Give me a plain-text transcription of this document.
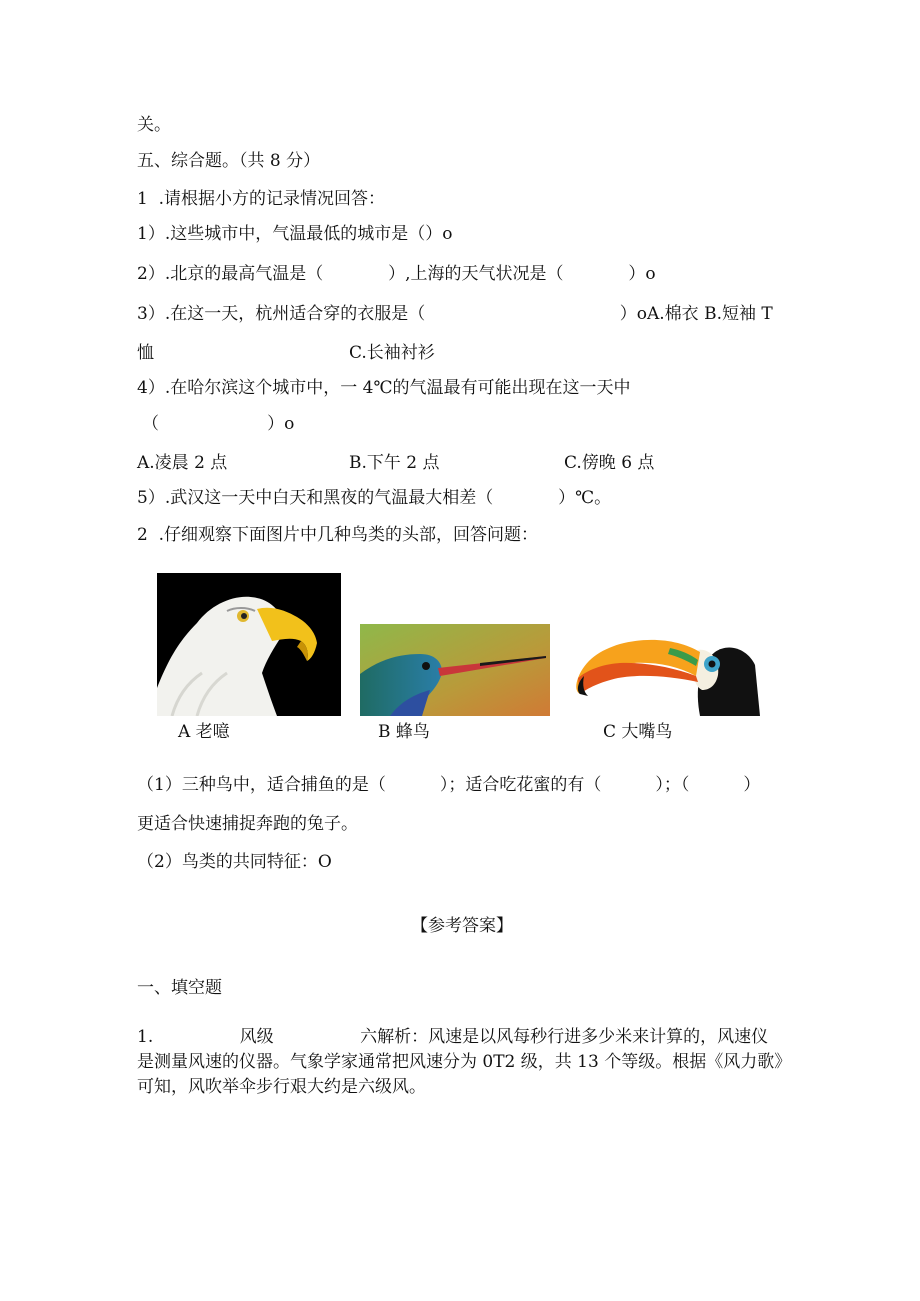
关。
五、综合题。（共 8 分）
1  .请根据小方的记录情况回答：
1）.这些城市中，气温最低的城市是（）o
2）.北京的最高气温是（            ）,上海的天气状况是（            ）o
3）.在这一天，杭州适合穿的衣服是（                                    ）oA.棉衣 B.短袖 T
恤	C.长袖衬衫
4）.在哈尔滨这个城市中，一 4℃的气温最有可能出现在这一天中
（                    ）o
A.凌晨 2 点	B.下午 2 点	C.傍晚 6 点
5）.武汉这一天中白天和黑夜的气温最大相差（            ）℃。
2  .仔细观察下面图片中几种鸟类的头部，回答问题：
A 老噫	B 蜂鸟	C 大嘴鸟
（1）三种鸟中，适合捕鱼的是（          ）；适合吃花蜜的有（          ）；（          ）
更适合快速捕捉奔跑的兔子。
（2）鸟类的共同特征：O
【参考答案】
一、填空题
1.                风级                六解析：风速是以风每秒行进多少米来计算的，风速仪
是测量风速的仪器。气象学家通常把风速分为 0T2 级，共 13 个等级。根据《风力歌》
可知，风吹举伞步行艰大约是六级风。
